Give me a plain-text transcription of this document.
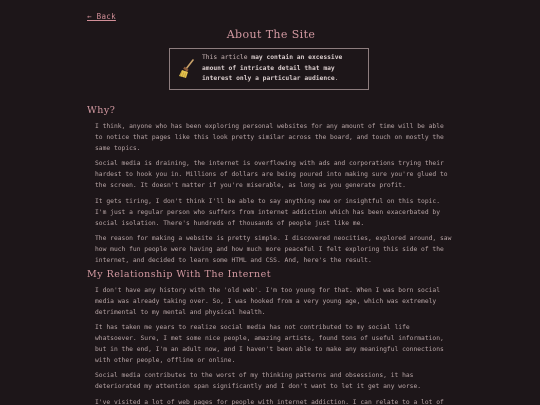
← Back
About The Site
This article may contain an excessive amount of intricate detail that may interest only a particular audience.
Why?

I think, anyone who has been exploring personal websites for any amount of time will be able to notice that pages like this look pretty similar across the board, and touch on mostly the same topics.

Social media is draining, the internet is overflowing with ads and corporations trying their hardest to hook you in. Millions of dollars are being poured into making sure you're glued to the screen. It doesn't matter if you're miserable, as long as you generate profit.

It gets tiring, I don't think I'll be able to say anything new or insightful on this topic. I'm just a regular person who suffers from internet addiction which has been exacerbated by social isolation. There's hundreds of thousands of people just like me.

The reason for making a website is pretty simple. I discovered neocities, explored around, saw how much fun people were having and how much more peaceful I felt exploring this side of the internet, and decided to learn some HTML and CSS. And, here's the result.

My Relationship With The Internet

I don't have any history with the 'old web'. I'm too young for that. When I was born social media was already taking over. So, I was hooked from a very young age, which was extremely detrimental to my mental and physical health.

It has taken me years to realize social media has not contributed to my social life whatsoever. Sure, I met some nice people, amazing artists, found tons of useful information, but in the end, I'm an adult now, and I haven't been able to make any meaningful connections with other people, offline or online.

Social media contributes to the worst of my thinking patterns and obsessions, it has deteriorated my attention span significantly and I don't want to let it get any worse.

I've visited a lot of web pages for people with internet addiction. I can relate to a lot of
